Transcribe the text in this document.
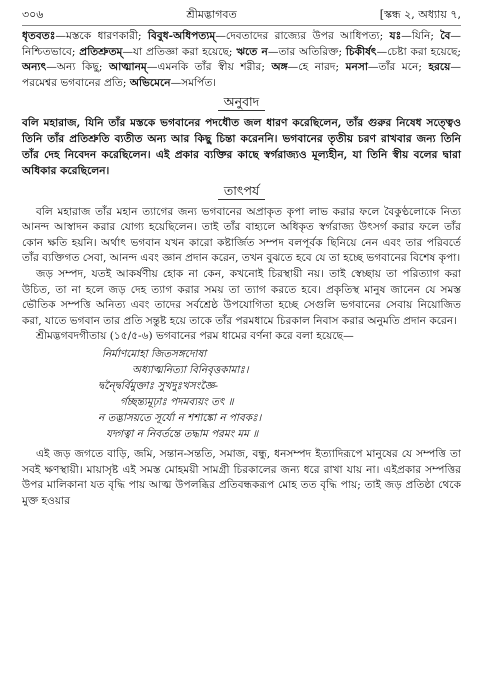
৩০৬	শ্রীমদ্ভাগবত	[স্কন্ধ ২, অধ্যায় ৭,

ধৃতবতঃ—মস্তকে ধারণকারী; বিবুধ-অধিপত্যম্—দেবতাদের রাজ্যের উপর আধিপত্য; যঃ—যিনি; বৈ—নিশ্চিতভাবে; প্রতিশ্রুতম্—যা প্রতিজ্ঞা করা হয়েছে; ঋতে ন—তার অতিরিক্ত; চিকীর্ষৎ—চেষ্টা করা হয়েছে; অন্যৎ—অন্য কিছু; আত্মানম্—এমনকি তাঁর স্বীয় শরীর; অঙ্গ—হে নারদ; মনসা—তাঁর মনে; হরয়ে—পরমেশ্বর ভগবানের প্রতি; অভিমেনে—সমর্পিত।

অনুবাদ

বলি মহারাজ, যিনি তাঁর মস্তকে ভগবানের পদধৌত জল ধারণ করেছিলেন, তাঁর গুরুর নিষেধ সত্ত্বেও তিনি তাঁর প্রতিশ্রুতি ব্যতীত অন্য আর কিছু চিন্তা করেননি। ভগবানের তৃতীয় চরণ রাখবার জন্য তিনি তাঁর দেহ নিবেদন করেছিলেন। এই প্রকার ব্যক্তির কাছে স্বর্গরাজ্যও মূল্যহীন, যা তিনি স্বীয় বলের দ্বারা অধিকার করেছিলেন।

তাৎপর্য

বলি মহারাজ তাঁর মহান ত্যাগের জন্য ভগবানের অপ্রাকৃত কৃপা লাভ করার ফলে বৈকুণ্ঠলোকে নিত্য আনন্দ আস্বাদন করার যোগ্য হয়েছিলেন। তাই তাঁর বাহ্যলে অধিকৃত স্বর্গরাজ্য উৎসর্গ করার ফলে তাঁর কোন ক্ষতি হয়নি। অর্থাৎ ভগবান যখন কারো কষ্টার্জিত সম্পদ বলপূর্বক ছিনিয়ে নেন এবং তার পরিবর্তে তাঁর ব্যক্তিগত সেবা, আনন্দ এবং জ্ঞান প্রদান করেন, তখন বুঝতে হবে যে তা হচ্ছে ভগবানের বিশেষ কৃপা।

জড় সম্পদ, যতই আকর্ষণীয় হোক না কেন, কখনোই চিরস্থায়ী নয়। তাই স্বেচ্ছায় তা পরিত্যাগ করা উচিত, তা না হলে জড় দেহ ত্যাগ করার সময় তা ত্যাগ করতে হবে। প্রকৃতিস্থ মানুষ জানেন যে সমস্ত ভৌতিক সম্পত্তি অনিত্য এবং তাদের সর্বশ্রেষ্ঠ উপযোগিতা হচ্ছে সেগুলি ভগবানের সেবায় নিয়োজিত করা, যাতে ভগবান তার প্রতি সন্তুষ্ট হয়ে তাকে তাঁর পরমধামে চিরকাল নিবাস করার অনুমতি প্রদান করেন।

শ্রীমদ্ভগবদগীতায় (১৫/৫-৬) ভগবানের পরম ধামের বর্ণনা করে বলা হয়েছে—

নির্মাণমোহা জিতসঙ্গদোষা
অধ্যাত্মনিত্যা বিনিবৃত্তকামাঃ।
দ্বন্দ্বৈর্বিমুক্তাঃ সুখদুঃখসংজ্ঞৈ-
র্গচ্ছন্ত্যমূঢ়াঃ পদমব্যয়ং তৎ ॥
ন তদ্ভাসয়তে সূর্যো ন শশাঙ্কো ন পাবকঃ।
যদ্গত্বা ন নিবর্তন্তে তদ্ধাম পরমং মম ॥

এই জড় জগতে বাড়ি, জমি, সন্তান-সন্ততি, সমাজ, বন্ধু, ধনসম্পদ ইত্যাদিরূপে মানুষের যে সম্পত্তি তা সবই ক্ষণস্থায়ী। মায়াসৃষ্ট এই সমস্ত মোহময়ী সামগ্রী চিরকালের জন্য ধরে রাখা যায় না। এইপ্রকার সম্পত্তির উপর মালিকানা যত বৃদ্ধি পায় আত্ম উপলব্ধির প্রতিবন্ধকরূপ মোহ তত বৃদ্ধি পায়; তাই জড় প্রতিষ্ঠা থেকে মুক্ত হওয়ার
